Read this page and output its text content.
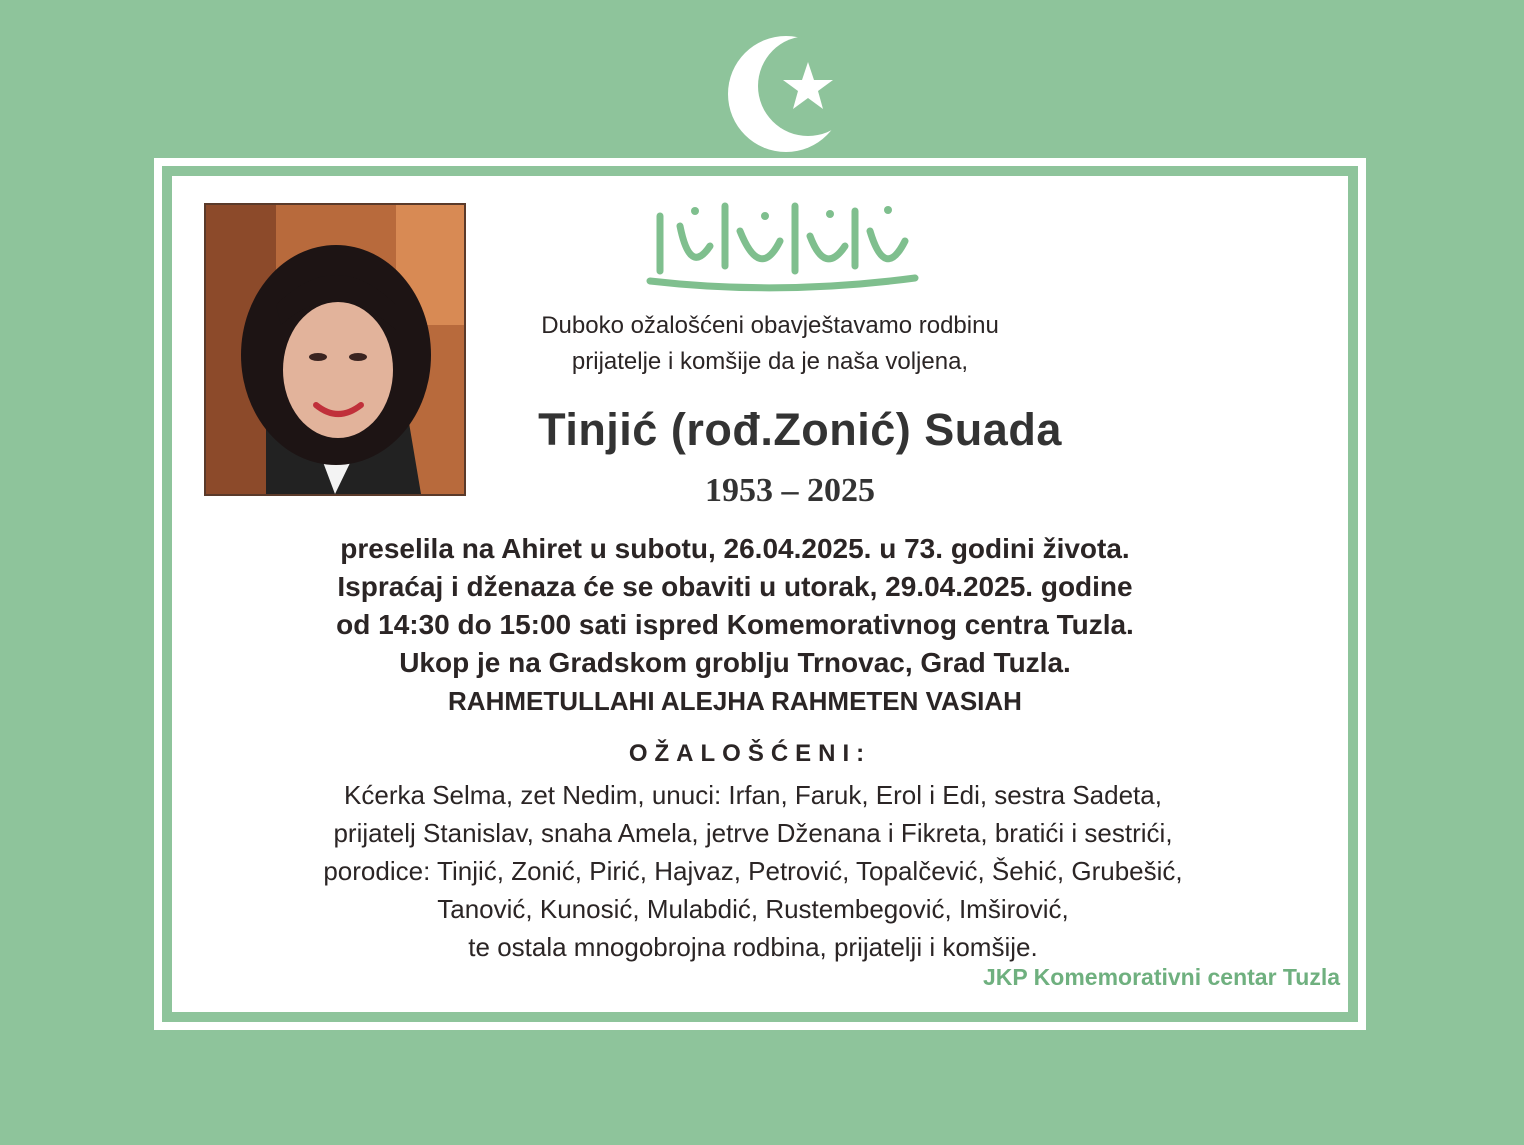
Duboko ožalošćeni obavještavamo rodbinu
prijatelje i komšije da je naša voljena,
Tinjić (rođ.Zonić) Suada
1953 – 2025
preselila na Ahiret u subotu, 26.04.2025. u 73. godini života.
Ispraćaj i dženaza će se obaviti u utorak, 29.04.2025. godine
od 14:30 do 15:00 sati ispred Komemorativnog centra Tuzla.
Ukop je na Gradskom groblju Trnovac, Grad Tuzla.
RAHMETULLAHI ALEJHA RAHMETEN VASIAH
OŽALOŠĆENI:
Kćerka Selma, zet Nedim, unuci: Irfan, Faruk, Erol i Edi, sestra Sadeta,
prijatelj Stanislav, snaha Amela, jetrve Dženana i Fikreta, bratići i sestrići,
porodice: Tinjić, Zonić, Pirić, Hajvaz, Petrović, Topalčević, Šehić, Grubešić,
Tanović, Kunosić, Mulabdić, Rustembegović, Imširović,
te ostala mnogobrojna rodbina, prijatelji i komšije.
JKP Komemorativni centar Tuzla
